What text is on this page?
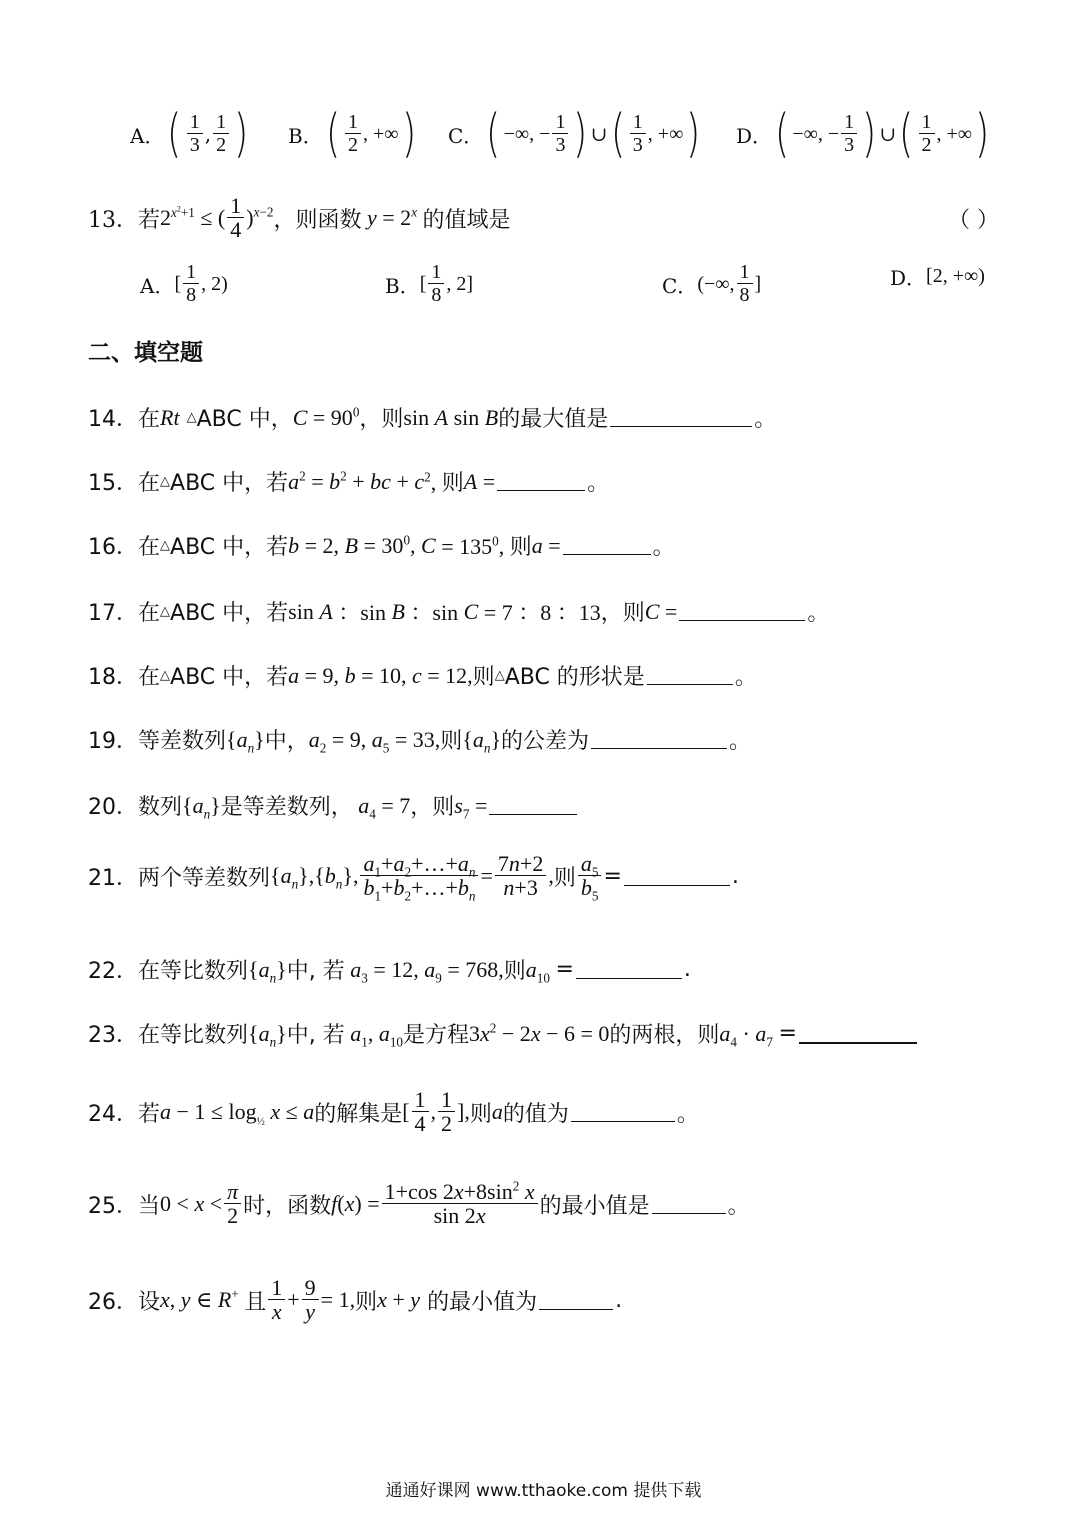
A． ( $\frac{1}{3}$ , $\frac{1}{2}$ ) B． ( $\frac{1}{2}$ , +∞ ) C． ( −∞, − $\frac{1}{3}$ ) ∪ ( $\frac{1}{3}$ , +∞ ) D． ( −∞, − $\frac{1}{3}$ ) ∪ ( $\frac{1}{2}$ , +∞ )
13． 若 $2^{x^2+1}$ ≤ ( $\frac{1}{4} )^{x-2}$ ，则函数 $y = 2^x$ 的值域是	（ ）
A． [ $\frac{1}{8}$ , 2)	B． [ $\frac{1}{8}$ , 2]	C． (−∞, $\frac{1}{8}$ ]	D． [2, +∞)
二、填空题
14． 在 Rt
△ ABC 中， $C = 90^0$ ，则 sin A sin B 的最大值是	。
15． 在 △ ABC 中，若 a $^2$ = b $^2$ + bc + c $^2$, 则 A =	。
16． 在 △ ABC 中，若 b = 2, $B = 30^0$, $C = 135^0$, 则 a =	。
17． 在 △ ABC 中，若 sin A ：sin B ：sin C = 7 ：8 ：13 ，则 C =	。
18． 在 △ ABC 中，若 a = 9, b = 10, c = 12, 则 △ ABC 的形状是	。
19． 等差数列 { $a_n$ } 中， a $_2$ = 9, a $_5$ = 33, 则 { $a_n$ } 的公差为	。
20． 数列 { $a_n$ } 是等差数列， a $_4$ = 7 ，则 s $_7$ =
21． 两个等差数列 { $a_n$ },{ $b_n$ }, $\frac{a_1+a_2+\dots+a_n}{b_1+b_2+\dots+b_n} = \frac{7n+2}{n+3}$ , 则 $\frac{a_5}{b_5}$ =	.
22． 在等比数列 { $a_n$ } 中, 若 a $_3$ = 12, a $_9$ = 768, 则 a $_{10}$ =	.
23． 在等比数列 { $a_n$ } 中, 若 a $_1$, a $_{10}$ 是方程 3 x $^2$ − 2 x − 6 = 0 的两根，则 a $_4$ · a $_7$ =
24． 若 $a - 1 \le \log_{\frac{1}{2}} x \le a$ 的解集是 [ $\frac{1}{4}$ , $\frac{1}{2}$ ], 则 a 的值为	。
25． 当 $0 < x < \frac{\pi}{2}$ 时，函数 f ( x ) = $\frac{1+\cos 2x+8\sin^2 x}{\sin 2x}$ 的最小值是	。
26． 设 x , y ∈ R + 且 $\frac{1}{x} + \frac{9}{y} = 1$, 则 x + y
的最小值为	.
通通好课网 www.tthaoke.com 提供下载
